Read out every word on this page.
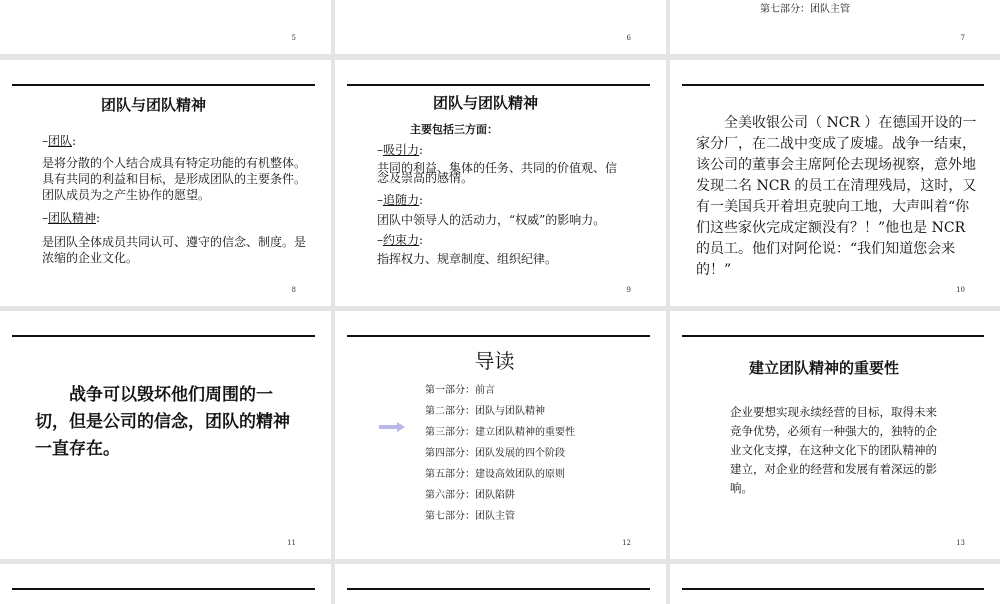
5	6
第七部分：团队主管
7
团队与团队精神
–团队:
是将分散的个人结合成具有特定功能的有机整体。具有共同的利益和目标，是形成团队的主要条件。团队成员为之产生协作的愿望。
–团队精神:
是团队全体成员共同认可、遵守的信念、制度。是浓缩的企业文化。
8
团队与团队精神
主要包括三方面：
–吸引力:
共同的利益、集体的任务、共同的价值观、信念及崇高的感情。
–追随力:
团队中领导人的活动力，“权威”的影响力。
–约束力:
指挥权力、规章制度、组织纪律。
9
全美收银公司（ NCR ）在德国开设的一家分厂，在二战中变成了废墟。战争一结束，该公司的董事会主席阿伦去现场视察，意外地发现二名 NCR 的员工在清理残局，这时，又有一美国兵开着坦克驶向工地，大声叫着“你们这些家伙完成定额没有？！”他也是 NCR 的员工。他们对阿伦说：“我们知道您会来的！”
10
战争可以毁坏他们周围的一切，但是公司的信念，团队的精神一直存在。
11
导读
第一部分：前言
第二部分：团队与团队精神
第三部分：建立团队精神的重要性
第四部分：团队发展的四个阶段
第五部分：建设高效团队的原则
第六部分：团队陷阱
第七部分：团队主管
12
建立团队精神的重要性
企业要想实现永续经营的目标，取得未来竞争优势，必须有一种强大的，独特的企业文化支撑，在这种文化下的团队精神的建立，对企业的经营和发展有着深远的影响。
13
